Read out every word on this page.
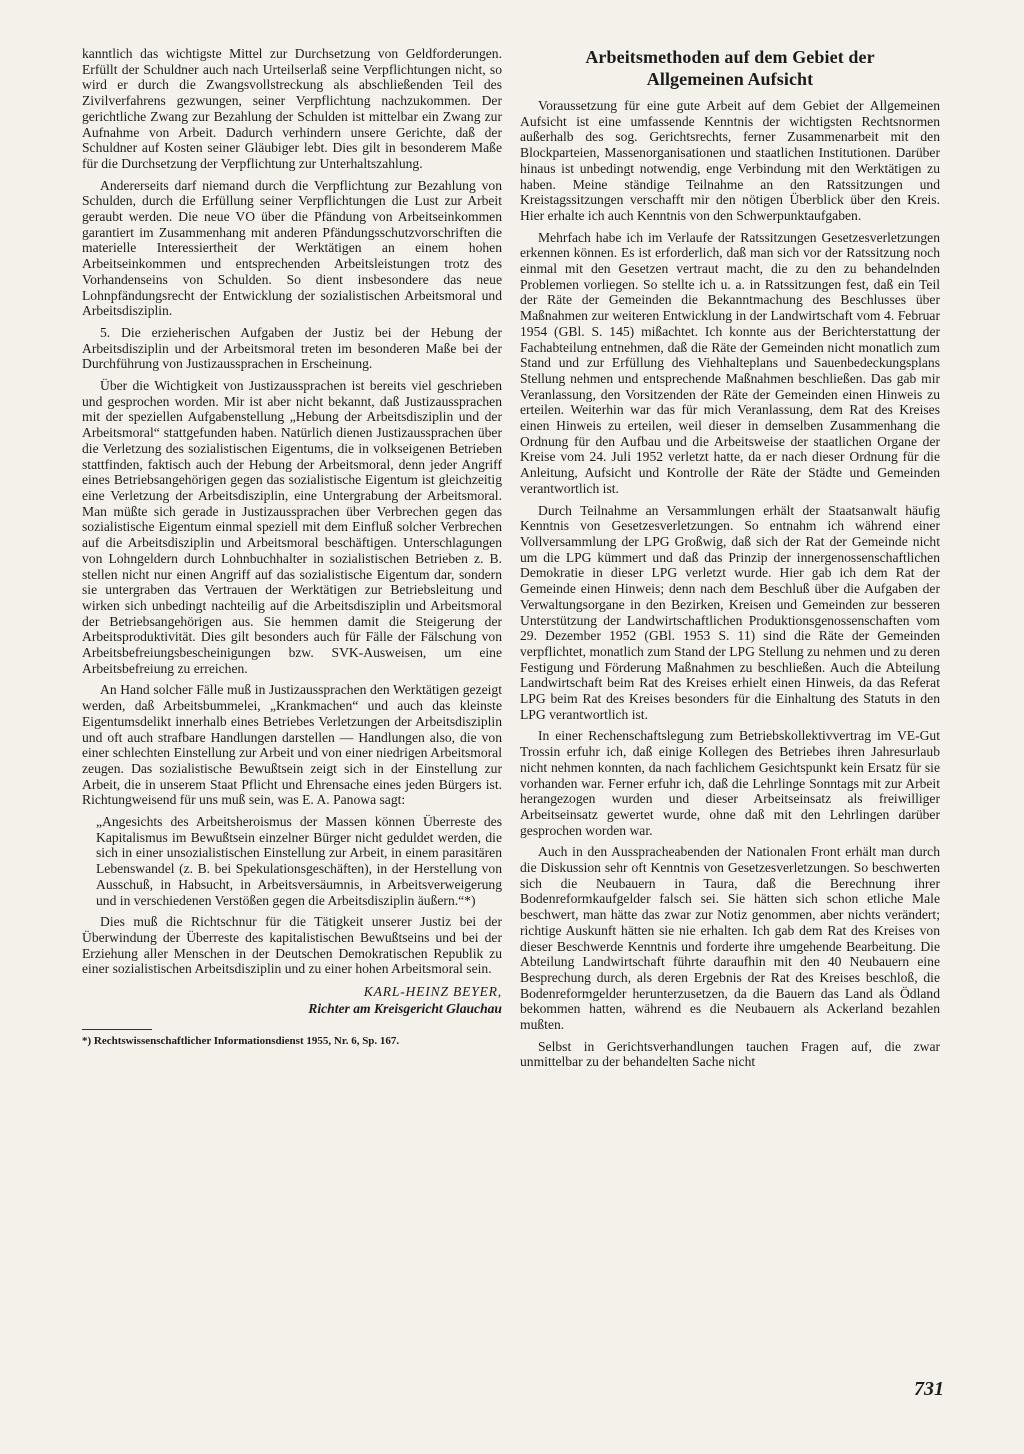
kanntlich das wichtigste Mittel zur Durchsetzung von Geldforderungen. Erfüllt der Schuldner auch nach Urteilserlaß seine Verpflichtungen nicht, so wird er durch die Zwangsvollstreckung als abschließenden Teil des Zivilverfahrens gezwungen, seiner Verpflichtung nachzukommen. Der gerichtliche Zwang zur Bezahlung der Schulden ist mittelbar ein Zwang zur Aufnahme von Arbeit. Dadurch verhindern unsere Gerichte, daß der Schuldner auf Kosten seiner Gläubiger lebt. Dies gilt in besonderem Maße für die Durchsetzung der Verpflichtung zur Unterhaltszahlung.

Andererseits darf niemand durch die Verpflichtung zur Bezahlung von Schulden, durch die Erfüllung seiner Verpflichtungen die Lust zur Arbeit geraubt werden. Die neue VO über die Pfändung von Arbeitseinkommen garantiert im Zusammenhang mit anderen Pfändungsschutzvorschriften die materielle Interessiertheit der Werktätigen an einem hohen Arbeitseinkommen und entsprechenden Arbeitsleistungen trotz des Vorhandenseins von Schulden. So dient insbesondere das neue Lohnpfändungsrecht der Entwicklung der sozialistischen Arbeitsmoral und Arbeitsdisziplin.

5. Die erzieherischen Aufgaben der Justiz bei der Hebung der Arbeitsdisziplin und der Arbeitsmoral treten im besonderen Maße bei der Durchführung von Justizaussprachen in Erscheinung.

Über die Wichtigkeit von Justizaussprachen ist bereits viel geschrieben und gesprochen worden. Mir ist aber nicht bekannt, daß Justizaussprachen mit der speziellen Aufgabenstellung „Hebung der Arbeitsdisziplin und der Arbeitsmoral“ stattgefunden haben. Natürlich dienen Justizaussprachen über die Verletzung des sozialistischen Eigentums, die in volkseigenen Betrieben stattfinden, faktisch auch der Hebung der Arbeitsmoral, denn jeder Angriff eines Betriebsangehörigen gegen das sozialistische Eigentum ist gleichzeitig eine Verletzung der Arbeitsdisziplin, eine Untergrabung der Arbeitsmoral. Man müßte sich gerade in Justizaussprachen über Verbrechen gegen das sozialistische Eigentum einmal speziell mit dem Einfluß solcher Verbrechen auf die Arbeitsdisziplin und Arbeitsmoral beschäftigen. Unterschlagungen von Lohngeldern durch Lohnbuchhalter in sozialistischen Betrieben z. B. stellen nicht nur einen Angriff auf das sozialistische Eigentum dar, sondern sie untergraben das Vertrauen der Werktätigen zur Betriebsleitung und wirken sich unbedingt nachteilig auf die Arbeitsdisziplin und Arbeitsmoral der Betriebsangehörigen aus. Sie hemmen damit die Steigerung der Arbeitsproduktivität. Dies gilt besonders auch für Fälle der Fälschung von Arbeitsbefreiungsbescheinigungen bzw. SVK-Ausweisen, um eine Arbeitsbefreiung zu erreichen.

An Hand solcher Fälle muß in Justizaussprachen den Werktätigen gezeigt werden, daß Arbeitsbummelei, „Krankmachen“ und auch das kleinste Eigentumsdelikt innerhalb eines Betriebes Verletzungen der Arbeitsdisziplin und oft auch strafbare Handlungen darstellen — Handlungen also, die von einer schlechten Einstellung zur Arbeit und von einer niedrigen Arbeitsmoral zeugen. Das sozialistische Bewußtsein zeigt sich in der Einstellung zur Arbeit, die in unserem Staat Pflicht und Ehrensache eines jeden Bürgers ist. Richtungweisend für uns muß sein, was E. A. Panowa sagt:

„Angesichts des Arbeitsheroismus der Massen können Überreste des Kapitalismus im Bewußtsein einzelner Bürger nicht geduldet werden, die sich in einer unsozialistischen Einstellung zur Arbeit, in einem parasitären Lebenswandel (z. B. bei Spekulationsgeschäften), in der Herstellung von Ausschuß, in Habsucht, in Arbeitsversäumnis, in Arbeitsverweigerung und in verschiedenen Verstößen gegen die Arbeitsdisziplin äußern.“*)

Dies muß die Richtschnur für die Tätigkeit unserer Justiz bei der Überwindung der Überreste des kapitalistischen Bewußtseins und bei der Erziehung aller Menschen in der Deutschen Demokratischen Republik zu einer sozialistischen Arbeitsdisziplin und zu einer hohen Arbeitsmoral sein.

KARL-HEINZ BEYER,
Richter am Kreisgericht Glauchau
*) Rechtswissenschaftlicher Informationsdienst 1955, Nr. 6, Sp. 167.
Arbeitsmethoden auf dem Gebiet der
Allgemeinen Aufsicht

Voraussetzung für eine gute Arbeit auf dem Gebiet der Allgemeinen Aufsicht ist eine umfassende Kenntnis der wichtigsten Rechtsnormen außerhalb des sog. Gerichtsrechts, ferner Zusammenarbeit mit den Blockparteien, Massenorganisationen und staatlichen Institutionen. Darüber hinaus ist unbedingt notwendig, enge Verbindung mit den Werktätigen zu haben. Meine ständige Teilnahme an den Ratssitzungen und Kreistagssitzungen verschafft mir den nötigen Überblick über den Kreis. Hier erhalte ich auch Kenntnis von den Schwerpunktaufgaben.

Mehrfach habe ich im Verlaufe der Ratssitzungen Gesetzesverletzungen erkennen können. Es ist erforderlich, daß man sich vor der Ratssitzung noch einmal mit den Gesetzen vertraut macht, die zu den zu behandelnden Problemen vorliegen. So stellte ich u. a. in Ratssitzungen fest, daß ein Teil der Räte der Gemeinden die Bekanntmachung des Beschlusses über Maßnahmen zur weiteren Entwicklung in der Landwirtschaft vom 4. Februar 1954 (GBl. S. 145) mißachtet. Ich konnte aus der Berichterstattung der Fachabteilung entnehmen, daß die Räte der Gemeinden nicht monatlich zum Stand und zur Erfüllung des Viehhalteplans und Sauenbedeckungsplans Stellung nehmen und entsprechende Maßnahmen beschließen. Das gab mir Veranlassung, den Vorsitzenden der Räte der Gemeinden einen Hinweis zu erteilen. Weiterhin war das für mich Veranlassung, dem Rat des Kreises einen Hinweis zu erteilen, weil dieser in demselben Zusammenhang die Ordnung für den Aufbau und die Arbeitsweise der staatlichen Organe der Kreise vom 24. Juli 1952 verletzt hatte, da er nach dieser Ordnung für die Anleitung, Aufsicht und Kontrolle der Räte der Städte und Gemeinden verantwortlich ist.

Durch Teilnahme an Versammlungen erhält der Staatsanwalt häufig Kenntnis von Gesetzesverletzungen. So entnahm ich während einer Vollversammlung der LPG Großwig, daß sich der Rat der Gemeinde nicht um die LPG kümmert und daß das Prinzip der innergenossenschaftlichen Demokratie in dieser LPG verletzt wurde. Hier gab ich dem Rat der Gemeinde einen Hinweis; denn nach dem Beschluß über die Aufgaben der Verwaltungsorgane in den Bezirken, Kreisen und Gemeinden zur besseren Unterstützung der Landwirtschaftlichen Produktionsgenossenschaften vom 29. Dezember 1952 (GBl. 1953 S. 11) sind die Räte der Gemeinden verpflichtet, monatlich zum Stand der LPG Stellung zu nehmen und zu deren Festigung und Förderung Maßnahmen zu beschließen. Auch die Abteilung Landwirtschaft beim Rat des Kreises erhielt einen Hinweis, da das Referat LPG beim Rat des Kreises besonders für die Einhaltung des Statuts in den LPG verantwortlich ist.

In einer Rechenschaftslegung zum Betriebskollektivvertrag im VE-Gut Trossin erfuhr ich, daß einige Kollegen des Betriebes ihren Jahresurlaub nicht nehmen konnten, da nach fachlichem Gesichtspunkt kein Ersatz für sie vorhanden war. Ferner erfuhr ich, daß die Lehrlinge Sonntags mit zur Arbeit herangezogen wurden und dieser Arbeitseinsatz als freiwilliger Arbeitseinsatz gewertet wurde, ohne daß mit den Lehrlingen darüber gesprochen worden war.

Auch in den Ausspracheabenden der Nationalen Front erhält man durch die Diskussion sehr oft Kenntnis von Gesetzesverletzungen. So beschwerten sich die Neubauern in Taura, daß die Berechnung ihrer Bodenreformkaufgelder falsch sei. Sie hätten sich schon etliche Male beschwert, man hätte das zwar zur Notiz genommen, aber nichts verändert; richtige Auskunft hätten sie nie erhalten. Ich gab dem Rat des Kreises von dieser Beschwerde Kenntnis und forderte ihre umgehende Bearbeitung. Die Abteilung Landwirtschaft führte daraufhin mit den 40 Neubauern eine Besprechung durch, als deren Ergebnis der Rat des Kreises beschloß, die Bodenreformgelder herunterzusetzen, da die Bauern das Land als Ödland bekommen hatten, während es die Neubauern als Ackerland bezahlen mußten.

Selbst in Gerichtsverhandlungen tauchen Fragen auf, die zwar unmittelbar zu der behandelten Sache nicht

731
